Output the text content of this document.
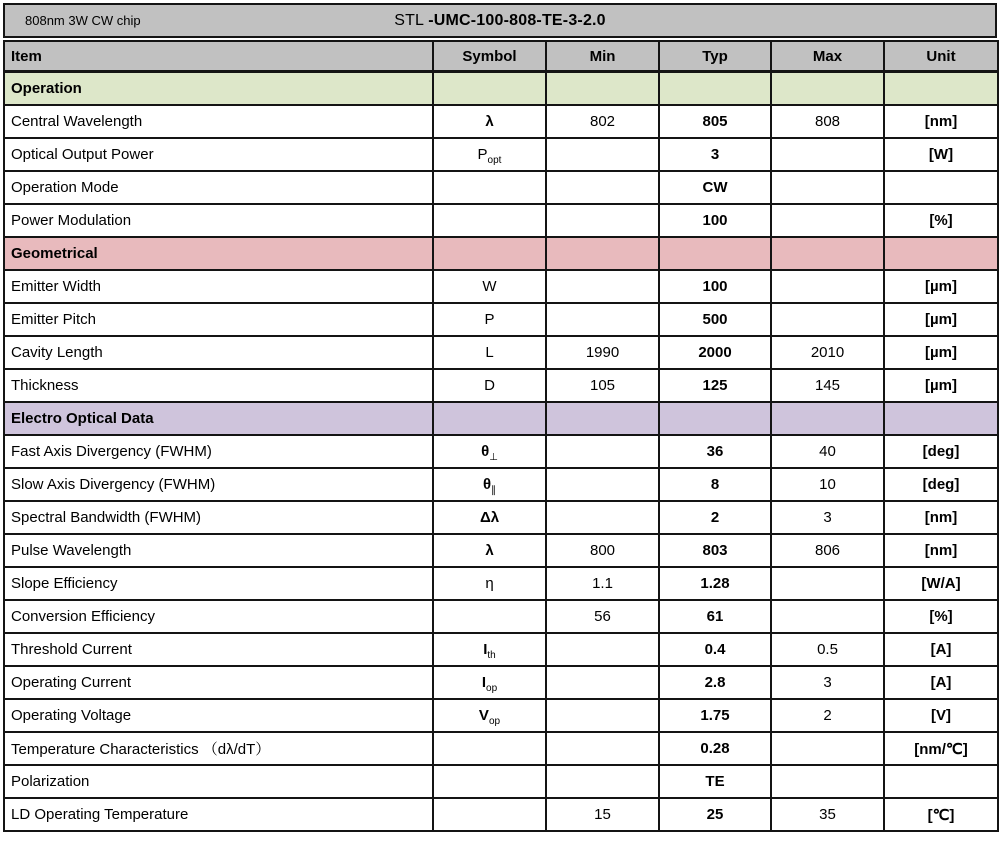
808nm 3W CW chip	STL -UMC-100-808-TE-3-2.0
Item	Symbol	Min	Typ	Max	Unit
Operation					
Central Wavelength	λ	802	805	808	[nm]
Optical Output Power	$P_{opt}$		3		[W]
Operation Mode			CW		
Power Modulation			100		[%]
Geometrical					
Emitter Width	W		100		[µm]
Emitter Pitch	P		500		[µm]
Cavity Length	L	1990	2000	2010	[µm]
Thickness	D	105	125	145	[µm]
Electro Optical Data					
Fast Axis Divergency (FWHM)	$\theta_\perp$		36	40	[deg]
Slow Axis Divergency (FWHM)	$\theta_\parallel$		8	10	[deg]
Spectral Bandwidth (FWHM)	Δλ		2	3	[nm]
Pulse Wavelength	λ	800	803	806	[nm]
Slope Efficiency	η	1.1	1.28		[W/A]
Conversion Efficiency		56	61		[%]
Threshold Current	$I_{th}$		0.4	0.5	[A]
Operating Current	$I_{op}$		2.8	3	[A]
Operating Voltage	$V_{op}$		1.75	2	[V]
Temperature Characteristics （dλ/dT）			0.28		[nm/℃]
Polarization			TE		
LD Operating Temperature		15	25	35	[℃]
